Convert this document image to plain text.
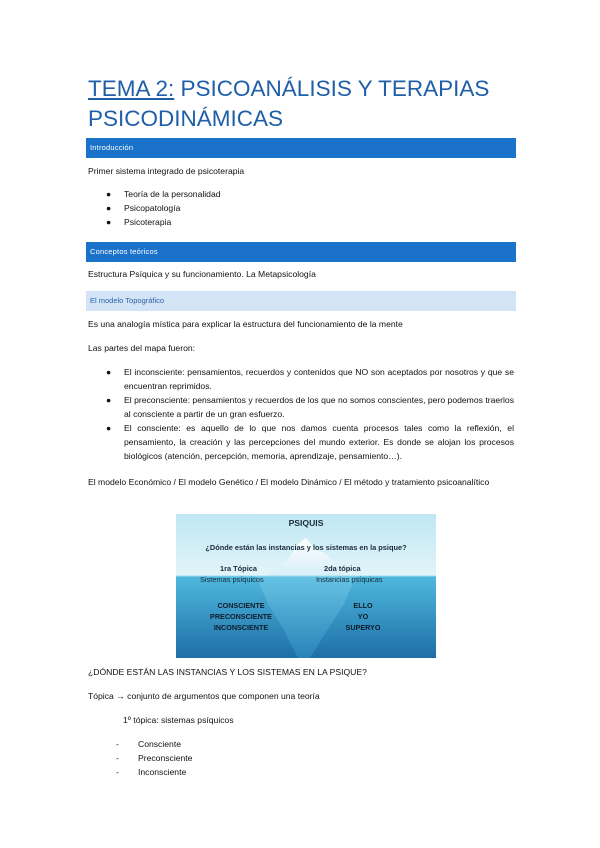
TEMA 2: PSICOANÁLISIS Y TERAPIAS PSICODINÁMICAS
Introducción
Primer sistema integrado de psicoterapia
● Teoría de la personalidad
● Psicopatología
● Psicoterapia
Conceptos teóricos
Estructura Psíquica y su funcionamiento. La Metapsicología
El modelo Topográfico
Es una analogía mística para explicar la estructura del funcionamiento de la mente
Las partes del mapa fueron:
● El inconsciente: pensamientos, recuerdos y contenidos que NO son aceptados por nosotros y que se encuentran reprimidos.
● El preconsciente: pensamientos y recuerdos de los que no somos conscientes, pero podemos traerlos al consciente a partir de un gran esfuerzo.
● El consciente: es aquello de lo que nos damos cuenta procesos tales como la reflexión, el pensamiento, la creación y las percepciones del mundo exterior. Es donde se alojan los procesos biológicos (atención, percepción, memoria, aprendizaje, pensamiento…).
El modelo Económico / El modelo Genético / El modelo Dinámico / El método y tratamiento psicoanalítico
PSIQUIS
¿Dónde están las instancias y los sistemas en la psique?
1ra Tópica
Sistemas psíquicos
2da tópica
Instancias psíquicas
CONSCIENTE
PRECONSCIENTE
INCONSCIENTE
ELLO
YO
SUPERYO
¿DÓNDE ESTÁN LAS INSTANCIAS Y LOS SISTEMAS EN LA PSIQUE?
Tópica → conjunto de argumentos que componen una teoría
1º tópica: sistemas psíquicos
- Consciente
- Preconsciente
- Inconsciente
